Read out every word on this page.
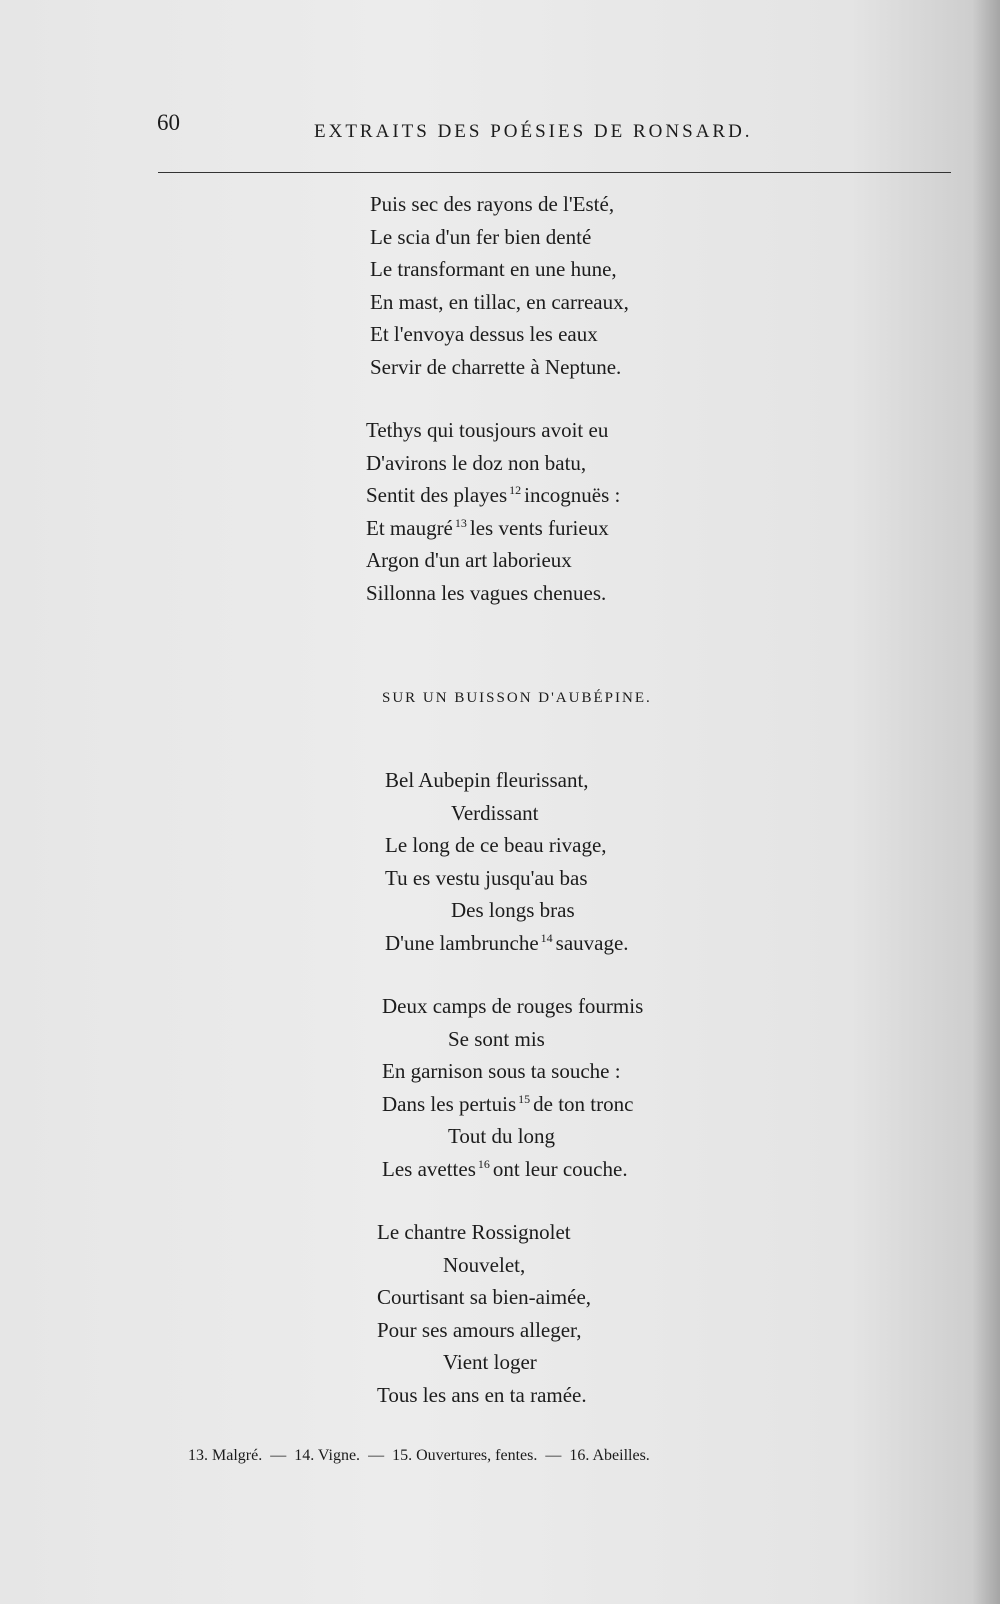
60	EXTRAITS DES POÉSIES DE RONSARD.
Puis sec des rayons de l'Esté,
Le scia d'un fer bien denté
Le transformant en une hune,
En mast, en tillac, en carreaux,
Et l'envoya dessus les eaux
Servir de charrette à Neptune.
Tethys qui tousjours avoit eu
D'avirons le doz non batu,
Sentit des playes $^{12}$ incognuës :
Et maugré $^{13}$ les vents furieux
Argon d'un art laborieux
Sillonna les vagues chenues.
SUR UN BUISSON D'AUBÉPINE.
Bel Aubepin fleurissant,
Verdissant
Le long de ce beau rivage,
Tu es vestu jusqu'au bas
Des longs bras
D'une lambrunche $^{14}$ sauvage.
Deux camps de rouges fourmis
Se sont mis
En garnison sous ta souche :
Dans les pertuis $^{15}$ de ton tronc
Tout du long
Les avettes $^{16}$ ont leur couche.
Le chantre Rossignolet
Nouvelet,
Courtisant sa bien-aimée,
Pour ses amours alleger,
Vient loger
Tous les ans en ta ramée.
13. Malgré. — 14. Vigne. — 15. Ouvertures, fentes. — 16. Abeilles.
